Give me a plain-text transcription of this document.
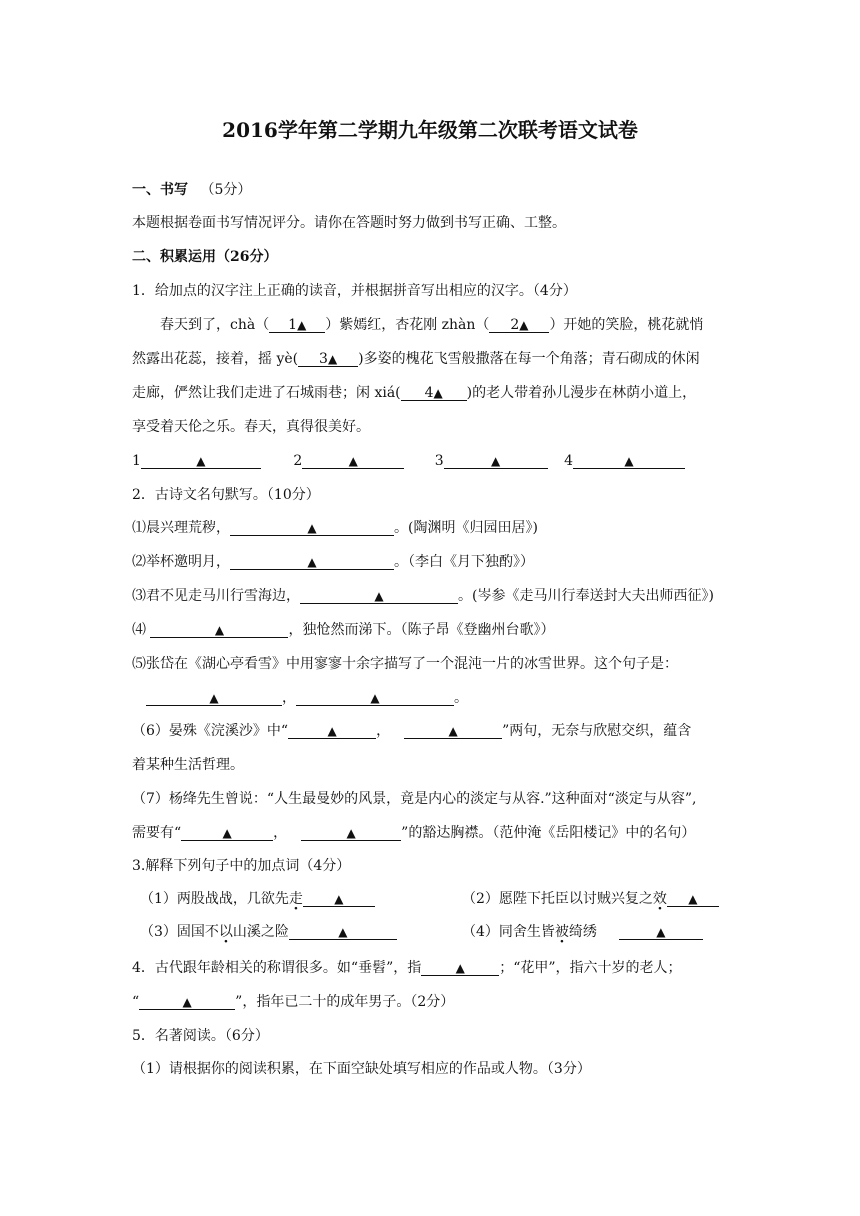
2016学年第二学期九年级第二次联考语文试卷
一、书写 （5分）
本题根据卷面书写情况评分。请你在答题时努力做到书写正确、工整。
二、积累运用（26分）
1．给加点的汉字注上正确的读音，并根据拼音写出相应的汉字。（4分）
春天到了，chà（ 1▲ ）紫嫣红，杏花刚 zhàn（ 2▲ ）开她的笑脸，桃花就悄
然露出花蕊，接着，摇 yè( 3▲ )多姿的槐花飞雪般撒落在每一个角落；青石砌成的休闲
走廊，俨然让我们走进了石城雨巷；闲 xiá( 4▲ )的老人带着孙儿漫步在林荫小道上，
享受着天伦之乐。春天，真得很美好。
1	▲	2	▲	3	▲	4	▲
2．古诗文名句默写。（10分）
⑴晨兴理荒秽，	▲	。(陶渊明《归园田居》)
⑵举杯邀明月，	▲	。（李白《月下独酌》）
⑶君不见走马川行雪海边，	▲	。(岑参《走马川行奉送封大夫出师西征》)
⑷	▲	，独怆然而涕下。（陈子昂《登幽州台歌》）
⑸张岱在《湖心亭看雪》中用寥寥十余字描写了一个混沌一片的冰雪世界。这个句子是：
▲	，	▲	。
（6）晏殊《浣溪沙》中“	▲	，	▲	”两句，无奈与欣慰交织，蕴含
着某种生活哲理。
（7）杨绛先生曾说：“人生最曼妙的风景，竟是内心的淡定与从容.”这种面对“淡定与从容”,
需要有“	▲	，	▲	”的豁达胸襟。（范仲淹《岳阳楼记》中的名句）
3.解释下列句子中的加点词（4分）
（1）两股战战，几欲先走	▲	（2）愿陛下托臣以讨贼兴复之效 ▲
（3）固国不以山溪之险	▲	（4）同舍生皆被绮绣	▲
4．古代跟年龄相关的称谓很多。如“垂髫”，指	▲ ；“花甲”，指六十岁的老人；
“	▲	”，指年已二十的成年男子。（2分）
5．名著阅读。（6分）
（1）请根据你的阅读积累，在下面空缺处填写相应的作品或人物。（3分）
